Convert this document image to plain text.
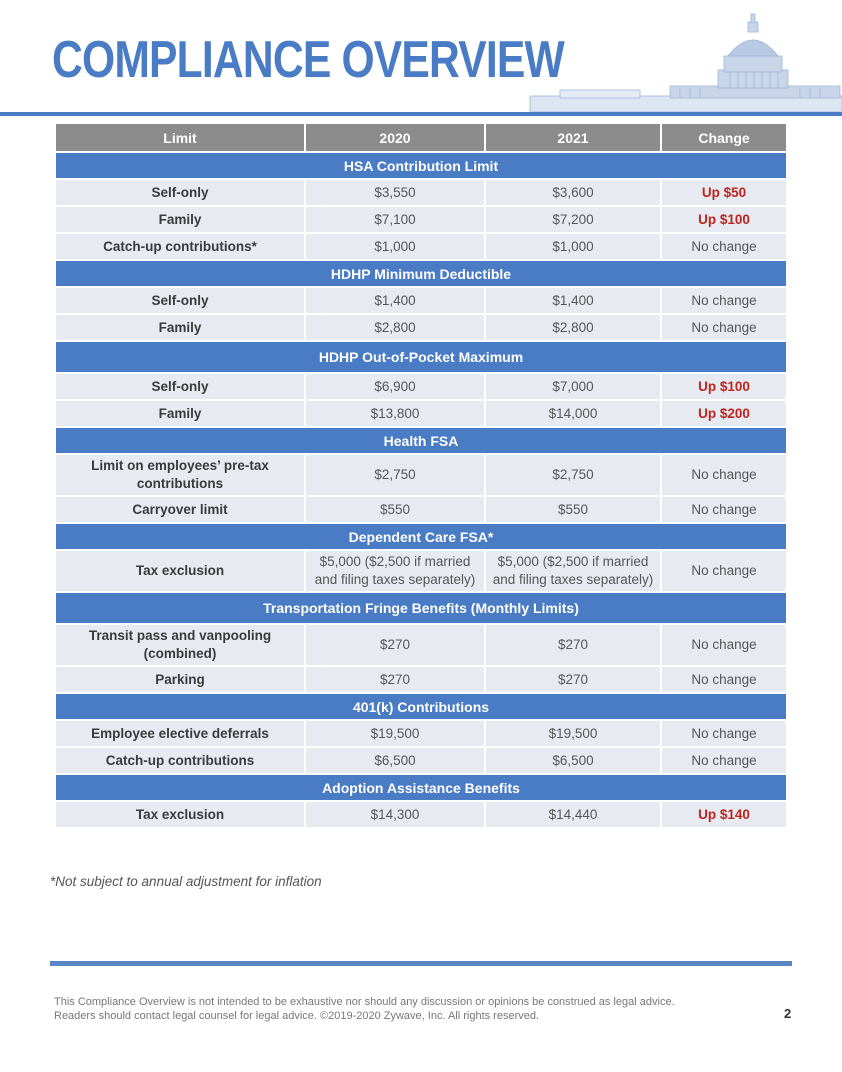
COMPLIANCE OVERVIEW
Limit	2020	2021	Change
HSA Contribution Limit			
Self-only	$3,550	$3,600	Up $50
Family	$7,100	$7,200	Up $100
Catch-up contributions*	$1,000	$1,000	No change
HDHP Minimum Deductible			
Self-only	$1,400	$1,400	No change
Family	$2,800	$2,800	No change
HDHP Out-of-Pocket Maximum			
Self-only	$6,900	$7,000	Up $100
Family	$13,800	$14,000	Up $200
Health FSA			
Limit on employees’ pre-tax contributions	$2,750	$2,750	No change
Carryover limit	$550	$550	No change
Dependent Care FSA*			
Tax exclusion	$5,000 ($2,500 if married and filing taxes separately)	$5,000 ($2,500 if married and filing taxes separately)	No change
Transportation Fringe Benefits (Monthly Limits)			
Transit pass and vanpooling (combined)	$270	$270	No change
Parking	$270	$270	No change
401(k) Contributions			
Employee elective deferrals	$19,500	$19,500	No change
Catch-up contributions	$6,500	$6,500	No change
Adoption Assistance Benefits			
Tax exclusion	$14,300	$14,440	Up $140
*Not subject to annual adjustment for inflation
This Compliance Overview is not intended to be exhaustive nor should any discussion or opinions be construed as legal advice. Readers should contact legal counsel for legal advice. ©2019-2020 Zywave, Inc. All rights reserved.	2
